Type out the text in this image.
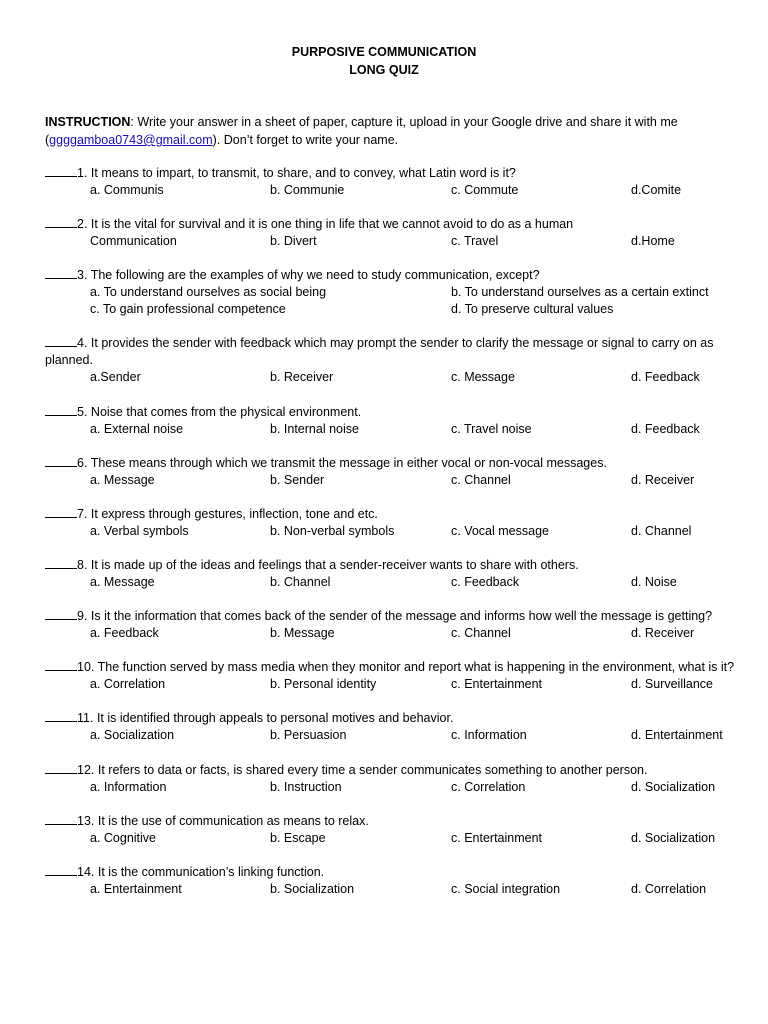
PURPOSIVE COMMUNICATION
LONG QUIZ
INSTRUCTION: Write your answer in a sheet of paper, capture it, upload in your Google drive and share it with me (ggggamboa0743@gmail.com). Don’t forget to write your name.
1. It means to impart, to transmit, to share, and to convey, what Latin word is it?
a. Communis	b. Communie	c. Commute	d.Comite
2. It is the vital for survival and it is one thing in life that we cannot avoid to do as a human
Communication	b. Divert	c. Travel	d.Home
3. The following are the examples of why we need to study communication, except?
a. To understand ourselves as social being	b. To understand ourselves as a certain extinct
c. To gain professional competence	d. To preserve cultural values
4. It provides the sender with feedback which may prompt the sender to clarify the message or signal to carry on as planned.
a.Sender	b. Receiver	c. Message	d. Feedback
5. Noise that comes from the physical environment.
a. External noise	b. Internal noise	c. Travel noise	d. Feedback
6. These means through which we transmit the message in either vocal or non-vocal messages.
a. Message	b. Sender	c. Channel	d. Receiver
7. It express through gestures, inflection, tone and etc.
a. Verbal symbols	b. Non-verbal symbols	c. Vocal message	d. Channel
8. It is made up of the ideas and feelings that a sender-receiver wants to share with others.
a. Message	b. Channel	c. Feedback	d. Noise
9. Is it the information that comes back of the sender of the message and informs how well the message is getting?
a. Feedback	b. Message	c. Channel	d. Receiver
10. The function served by mass media when they monitor and report what is happening in the environment, what is it?
a. Correlation	b. Personal identity	c. Entertainment	d. Surveillance
11. It is identified through appeals to personal motives and behavior.
a. Socialization	b. Persuasion	c. Information	d. Entertainment
12. It refers to data or facts, is shared every time a sender communicates something to another person.
a. Information	b. Instruction	c. Correlation	d. Socialization
13. It is the use of communication as means to relax.
a. Cognitive	b. Escape	c. Entertainment	d. Socialization
14. It is the communication’s linking function.
a. Entertainment	b. Socialization	c. Social integration	d. Correlation
